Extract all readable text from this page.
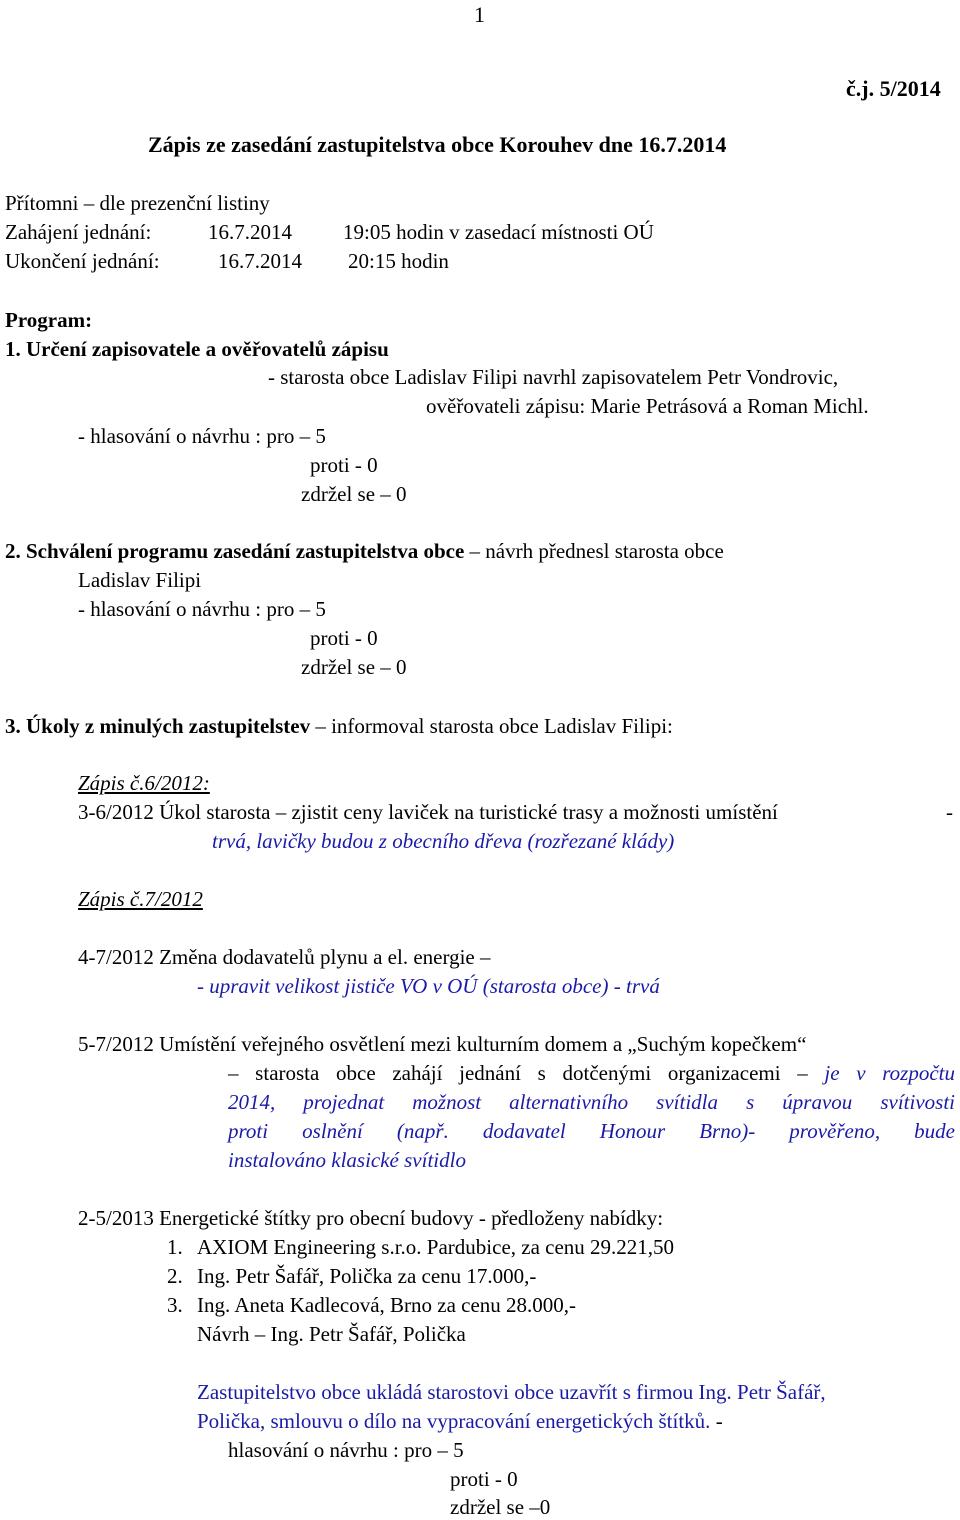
1
č.j. 5/2014
Zápis ze zasedání zastupitelstva obce Korouhev dne 16.7.2014
Přítomni – dle prezenční listiny
Zahájení jednání:	16.7.2014 19:05 hodin v zasedací místnosti OÚ
Ukončení jednání:	16.7.2014 20:15 hodin
Program:
1. Určení zapisovatele a ověřovatelů zápisu
- starosta obce Ladislav Filipi navrhl zapisovatelem Petr Vondrovic,
ověřovateli zápisu: Marie Petrásová a Roman Michl.
- hlasování o návrhu : pro – 5
proti - 0
zdržel se – 0
2. Schválení programu zasedání zastupitelstva obce – návrh přednesl starosta obce
Ladislav Filipi
- hlasování o návrhu : pro – 5
proti - 0
zdržel se – 0
3. Úkoly z minulých zastupitelstev – informoval starosta obce Ladislav Filipi:
Zápis č.6/2012:
3-6/2012 Úkol starosta – zjistit ceny laviček na turistické trasy a možnosti umístění	-
trvá, lavičky budou z obecního dřeva (rozřezané klády)
Zápis č.7/2012
4-7/2012 Změna dodavatelů plynu a el. energie –
- upravit velikost jističe VO v OÚ (starosta obce) - trvá
5-7/2012 Umístění veřejného osvětlení mezi kulturním domem a „Suchým kopečkem“
– starosta obce zahájí jednání s dotčenými organizacemi – je v rozpočtu
2014, projednat možnost alternativního svítidla s úpravou svítivosti
proti oslnění (např. dodavatel Honour Brno)- prověřeno, bude
instalováno klasické svítidlo
2-5/2013 Energetické štítky pro obecní budovy - předloženy nabídky:
1. AXIOM Engineering s.r.o. Pardubice, za cenu 29.221,50
2. Ing. Petr Šafář, Polička za cenu 17.000,-
3. Ing. Aneta Kadlecová, Brno za cenu 28.000,-
Návrh – Ing. Petr Šafář, Polička
Zastupitelstvo obce ukládá starostovi obce uzavřít s firmou Ing. Petr Šafář,
Polička, smlouvu o dílo na vypracování energetických štítků. -
hlasování o návrhu : pro – 5
proti - 0
zdržel se –0
